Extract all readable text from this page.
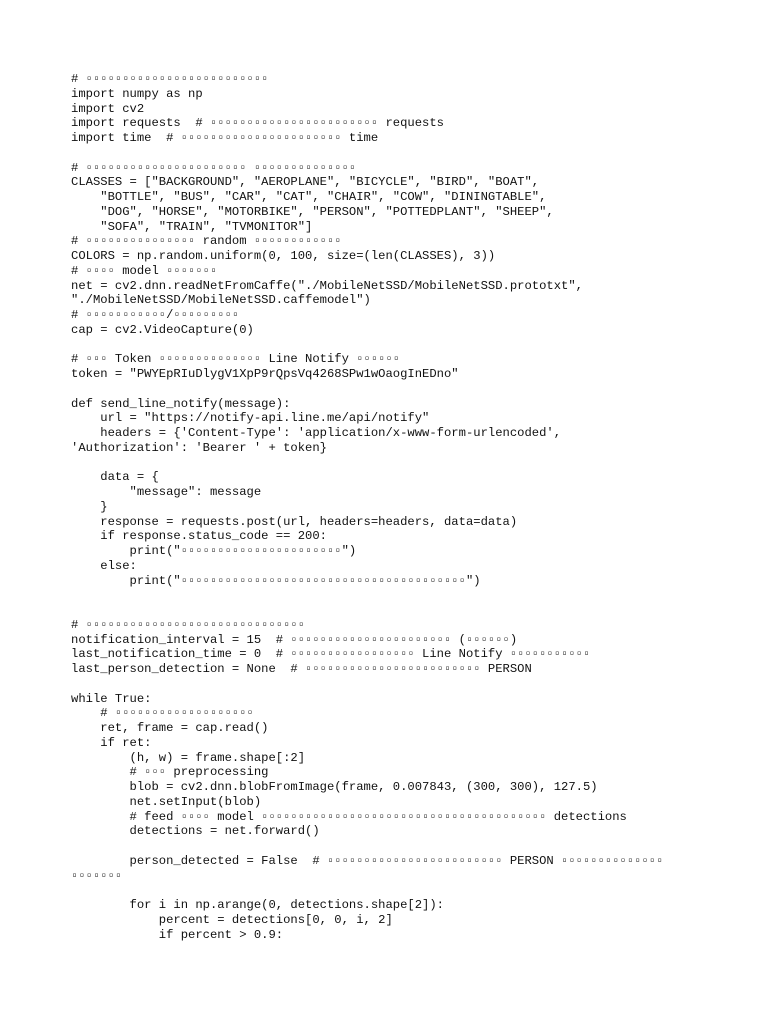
# ▫▫▫▫▫▫▫▫▫▫▫▫▫▫▫▫▫▫▫▫▫▫▫▫▫
import numpy as np
import cv2
import requests  # ▫▫▫▫▫▫▫▫▫▫▫▫▫▫▫▫▫▫▫▫▫▫▫ requests
import time  # ▫▫▫▫▫▫▫▫▫▫▫▫▫▫▫▫▫▫▫▫▫▫ time
# ▫▫▫▫▫▫▫▫▫▫▫▫▫▫▫▫▫▫▫▫▫▫ ▫▫▫▫▫▫▫▫▫▫▫▫▫▫
CLASSES = ["BACKGROUND", "AEROPLANE", "BICYCLE", "BIRD", "BOAT",
"BOTTLE", "BUS", "CAR", "CAT", "CHAIR", "COW", "DININGTABLE",
"DOG", "HORSE", "MOTORBIKE", "PERSON", "POTTEDPLANT", "SHEEP",
"SOFA", "TRAIN", "TVMONITOR"]
# ▫▫▫▫▫▫▫▫▫▫▫▫▫▫▫ random ▫▫▫▫▫▫▫▫▫▫▫▫
COLORS = np.random.uniform(0, 100, size=(len(CLASSES), 3))
# ▫▫▫▫ model ▫▫▫▫▫▫▫
net = cv2.dnn.readNetFromCaffe("./MobileNetSSD/MobileNetSSD.prototxt",
"./MobileNetSSD/MobileNetSSD.caffemodel")
# ▫▫▫▫▫▫▫▫▫▫▫/▫▫▫▫▫▫▫▫▫
cap = cv2.VideoCapture(0)
# ▫▫▫ Token ▫▫▫▫▫▫▫▫▫▫▫▫▫▫ Line Notify ▫▫▫▫▫▫
token = "PWYEpRIuDlygV1XpP9rQpsVq4268SPw1wOaogInEDno"
def send_line_notify(message):
url = "https://notify-api.line.me/api/notify"
headers = {'Content-Type': 'application/x-www-form-urlencoded',
'Authorization': 'Bearer ' + token}
data = {
"message": message
}
response = requests.post(url, headers=headers, data=data)
if response.status_code == 200:
print("▫▫▫▫▫▫▫▫▫▫▫▫▫▫▫▫▫▫▫▫▫▫")
else:
print("▫▫▫▫▫▫▫▫▫▫▫▫▫▫▫▫▫▫▫▫▫▫▫▫▫▫▫▫▫▫▫▫▫▫▫▫▫▫▫")
# ▫▫▫▫▫▫▫▫▫▫▫▫▫▫▫▫▫▫▫▫▫▫▫▫▫▫▫▫▫▫
notification_interval = 15  # ▫▫▫▫▫▫▫▫▫▫▫▫▫▫▫▫▫▫▫▫▫▫ (▫▫▫▫▫▫)
last_notification_time = 0  # ▫▫▫▫▫▫▫▫▫▫▫▫▫▫▫▫▫ Line Notify ▫▫▫▫▫▫▫▫▫▫▫
last_person_detection = None  # ▫▫▫▫▫▫▫▫▫▫▫▫▫▫▫▫▫▫▫▫▫▫▫▫ PERSON
while True:
# ▫▫▫▫▫▫▫▫▫▫▫▫▫▫▫▫▫▫▫
ret, frame = cap.read()
if ret:
(h, w) = frame.shape[:2]
# ▫▫▫ preprocessing
blob = cv2.dnn.blobFromImage(frame, 0.007843, (300, 300), 127.5)
net.setInput(blob)
# feed ▫▫▫▫ model ▫▫▫▫▫▫▫▫▫▫▫▫▫▫▫▫▫▫▫▫▫▫▫▫▫▫▫▫▫▫▫▫▫▫▫▫▫▫▫ detections
detections = net.forward()
person_detected = False  # ▫▫▫▫▫▫▫▫▫▫▫▫▫▫▫▫▫▫▫▫▫▫▫▫ PERSON ▫▫▫▫▫▫▫▫▫▫▫▫▫▫
▫▫▫▫▫▫▫
for i in np.arange(0, detections.shape[2]):
percent = detections[0, 0, i, 2]
if percent > 0.9:
